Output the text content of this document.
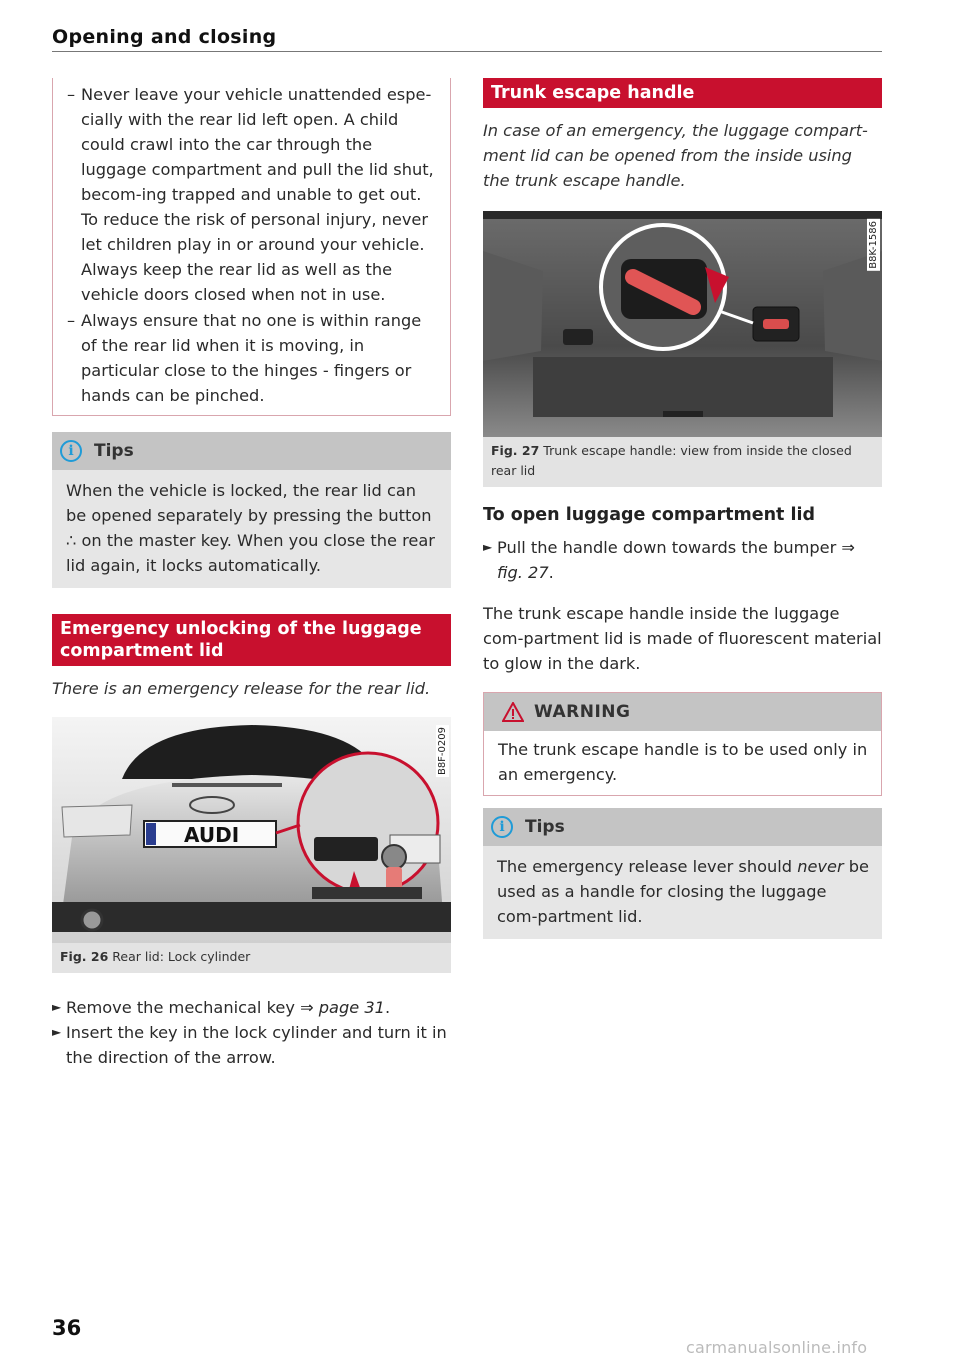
Opening and closing
– Never leave your vehicle unattended espe-cially with the rear lid left open. A child could crawl into the car through the luggage compartment and pull the lid shut, becom-ing trapped and unable to get out. To reduce the risk of personal injury, never let children play in or around your vehicle. Always keep the rear lid as well as the vehicle doors closed when not in use.
– Always ensure that no one is within range of the rear lid when it is moving, in particular close to the hinges - fingers or hands can be pinched.
i	Tips
When the vehicle is locked, the rear lid can be opened separately by pressing the button ∴ on the master key. When you close the rear lid again, it locks automatically.
Emergency unlocking of the luggage compartment lid
There is an emergency release for the rear lid.
AUDI
B8F-0209
Fig. 26 Rear lid: Lock cylinder
► Remove the mechanical key ⇒ page 31.
► Insert the key in the lock cylinder and turn it in the direction of the arrow.
Trunk escape handle
In case of an emergency, the luggage compart-ment lid can be opened from the inside using the trunk escape handle.
B8K-1586
Fig. 27 Trunk escape handle: view from inside the closed rear lid
To open luggage compartment lid
► Pull the handle down towards the bumper ⇒ fig. 27.
The trunk escape handle inside the luggage com-partment lid is made of fluorescent material to glow in the dark.
WARNING
The trunk escape handle is to be used only in an emergency.
i	Tips
The emergency release lever should never be used as a handle for closing the luggage com-partment lid.
36
carmanualsonline.info
